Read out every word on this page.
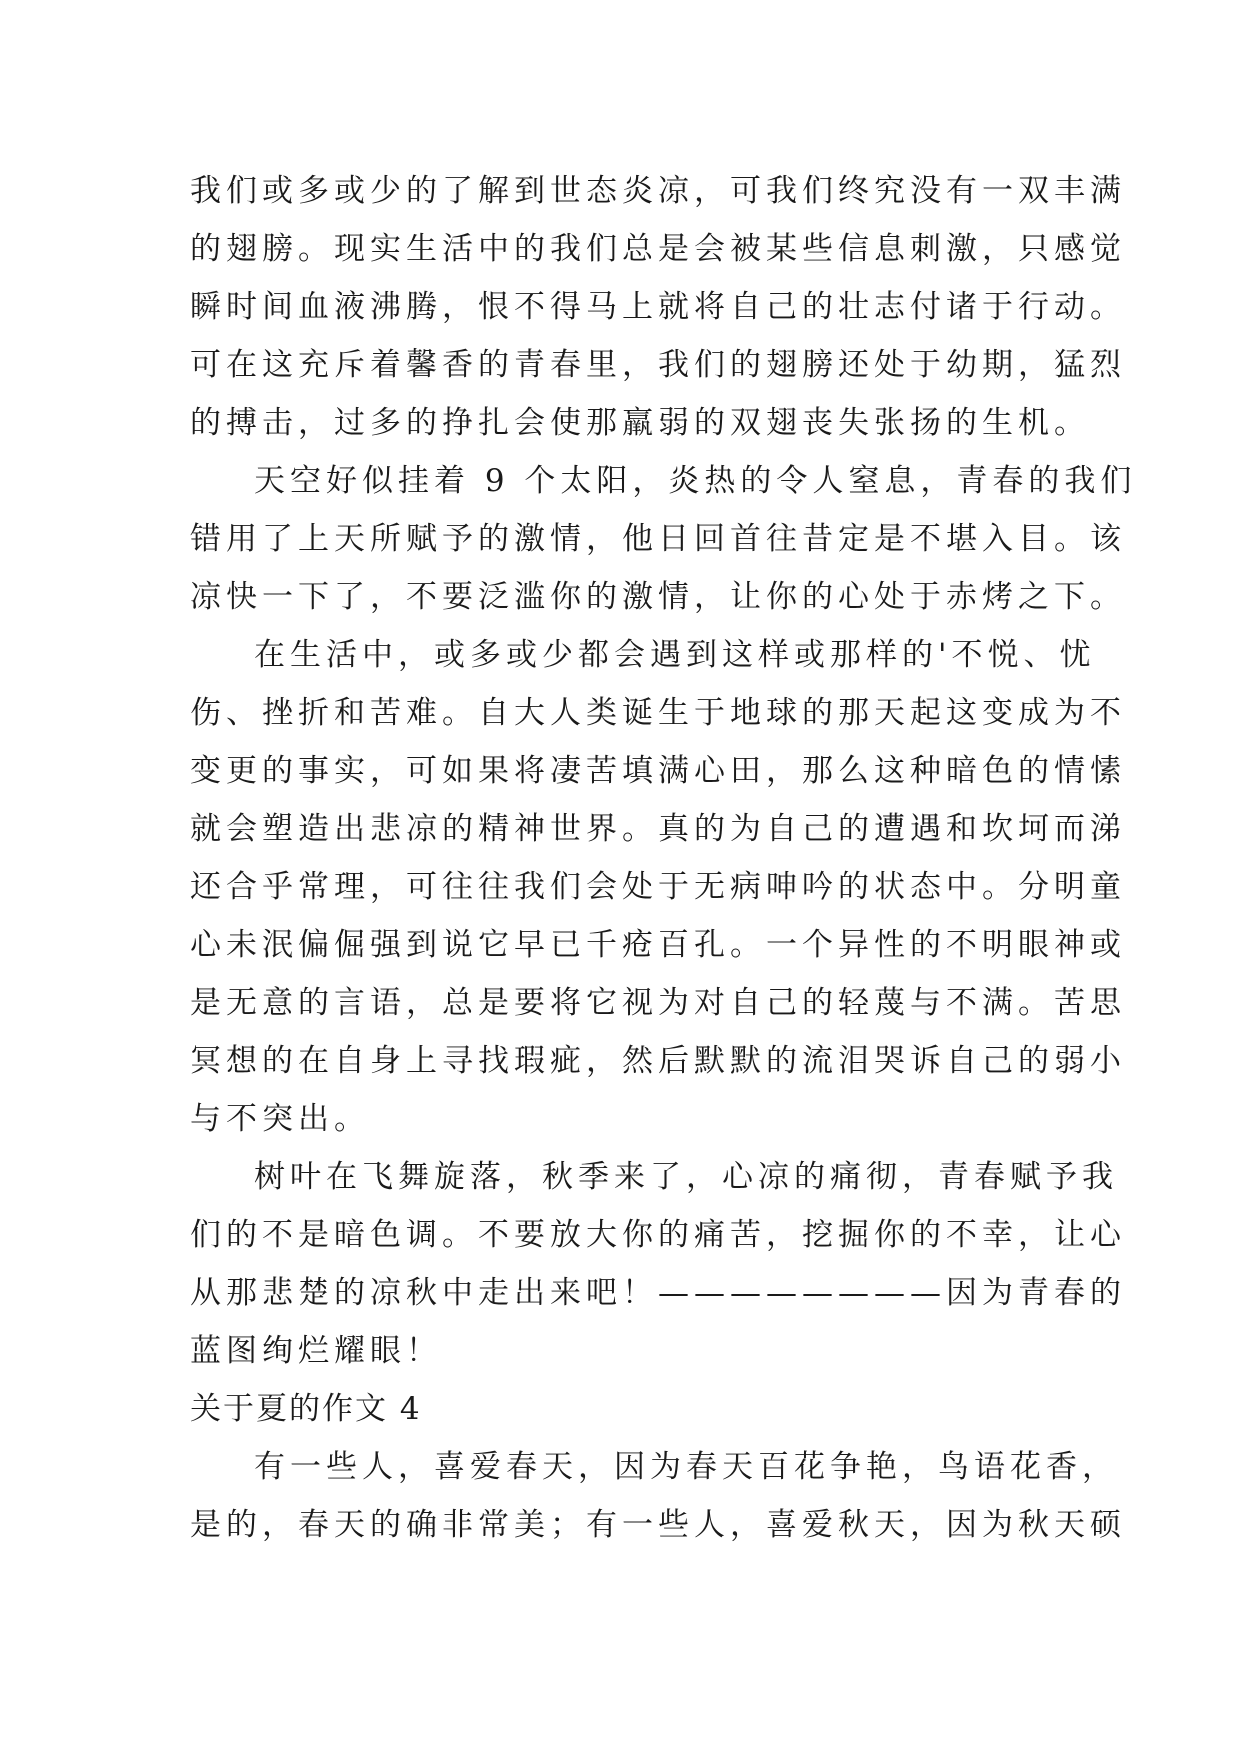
我们或多或少的了解到世态炎凉，可我们终究没有一双丰满
的翅膀。现实生活中的我们总是会被某些信息刺激，只感觉
瞬时间血液沸腾，恨不得马上就将自己的壮志付诸于行动。
可在这充斥着馨香的青春里，我们的翅膀还处于幼期，猛烈
的搏击，过多的挣扎会使那羸弱的双翅丧失张扬的生机。
天空好似挂着 9 个太阳，炎热的令人窒息，青春的我们
错用了上天所赋予的激情，他日回首往昔定是不堪入目。该
凉快一下了，不要泛滥你的激情，让你的心处于赤烤之下。
在生活中，或多或少都会遇到这样或那样的'不悦、忧
伤、挫折和苦难。自大人类诞生于地球的那天起这变成为不
变更的事实，可如果将凄苦填满心田，那么这种暗色的情愫
就会塑造出悲凉的精神世界。真的为自己的遭遇和坎坷而涕
还合乎常理，可往往我们会处于无病呻吟的状态中。分明童
心未泯偏倔强到说它早已千疮百孔。一个异性的不明眼神或
是无意的言语，总是要将它视为对自己的轻蔑与不满。苦思
冥想的在自身上寻找瑕疵，然后默默的流泪哭诉自己的弱小
与不突出。
树叶在飞舞旋落，秋季来了，心凉的痛彻，青春赋予我
们的不是暗色调。不要放大你的痛苦，挖掘你的不幸，让心
从那悲楚的凉秋中走出来吧！————————因为青春的
蓝图绚烂耀眼！
关于夏的作文 4
有一些人，喜爱春天，因为春天百花争艳，鸟语花香，
是的，春天的确非常美；有一些人，喜爱秋天，因为秋天硕
